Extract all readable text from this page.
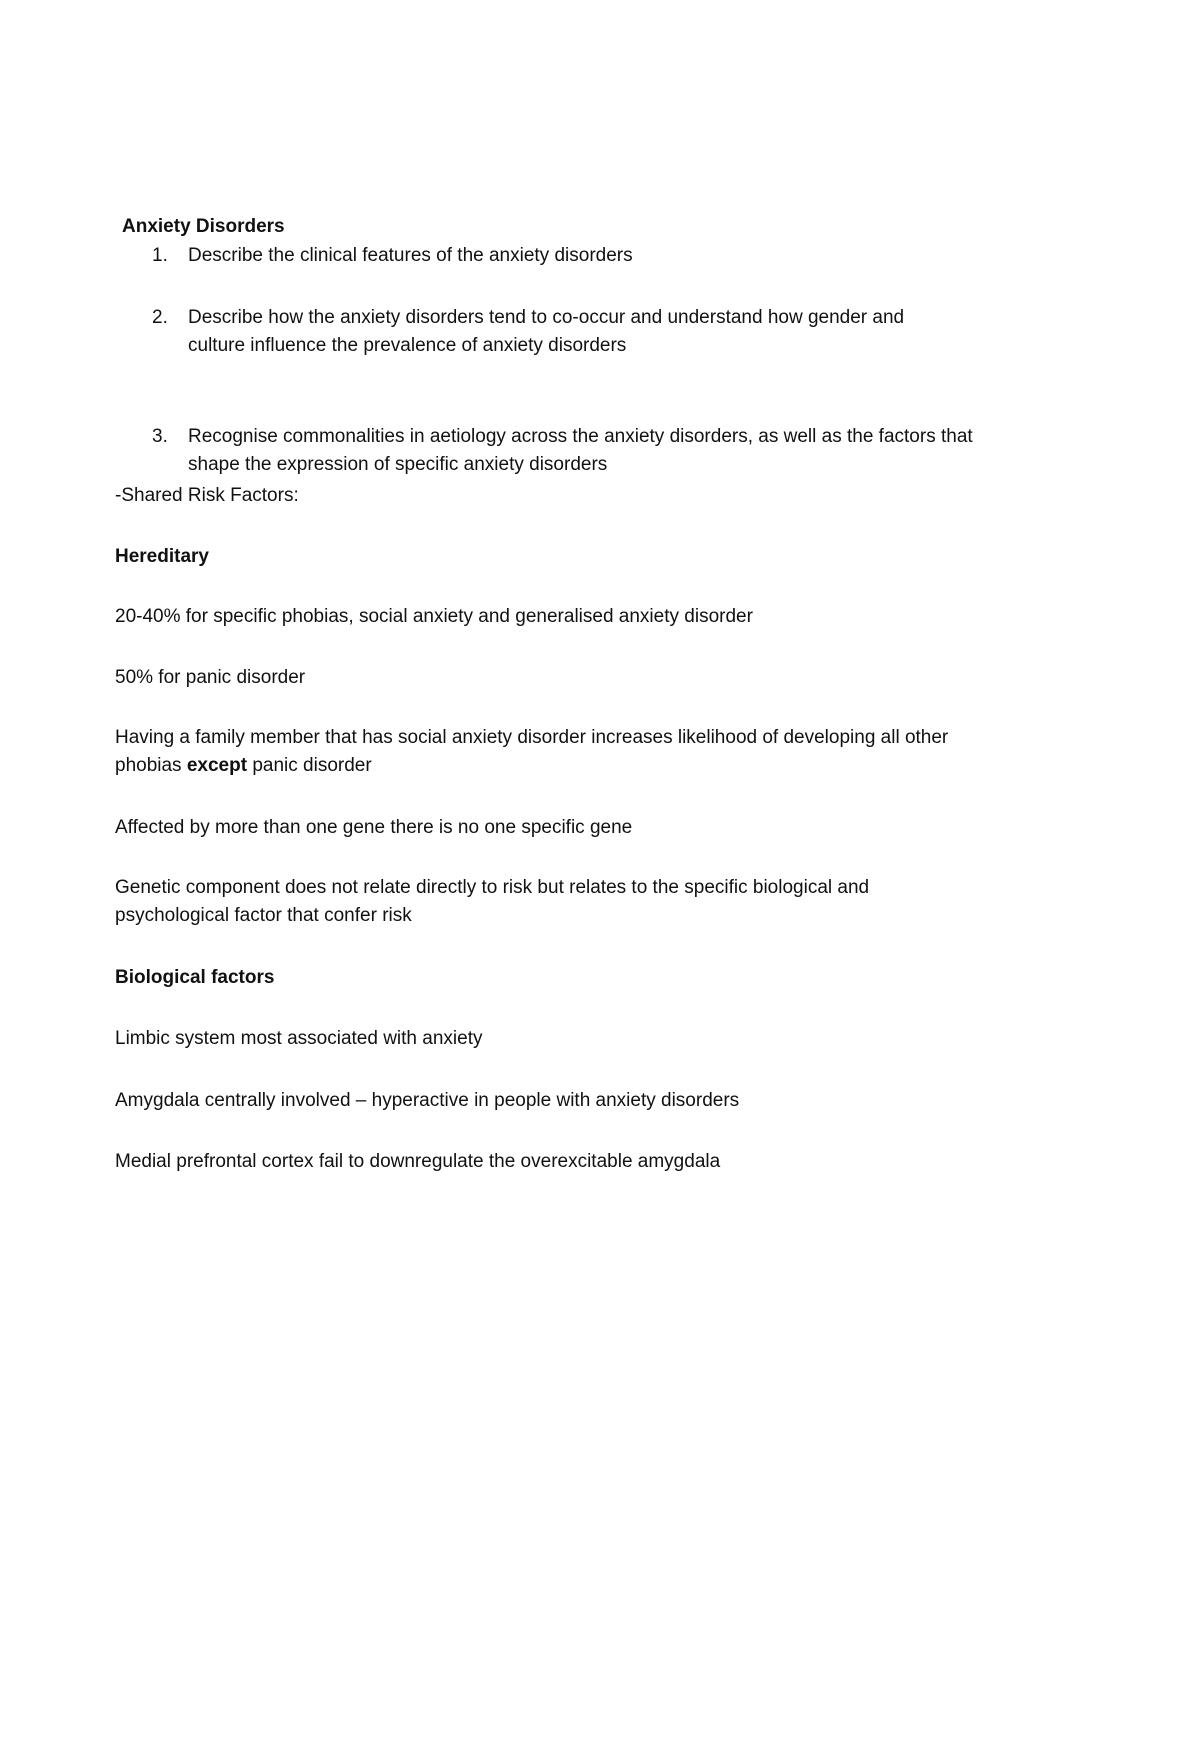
Anxiety Disorders
1. Describe the clinical features of the anxiety disorders
2. Describe how the anxiety disorders tend to co-occur and understand how gender and
culture influence the prevalence of anxiety disorders
3. Recognise commonalities in aetiology across the anxiety disorders, as well as the factors that
shape the expression of specific anxiety disorders
-Shared Risk Factors:
Hereditary
20-40% for specific phobias, social anxiety and generalised anxiety disorder
50% for panic disorder
Having a family member that has social anxiety disorder increases likelihood of developing all other
phobias except panic disorder
Affected by more than one gene there is no one specific gene
Genetic component does not relate directly to risk but relates to the specific biological and
psychological factor that confer risk
Biological factors
Limbic system most associated with anxiety
Amygdala centrally involved – hyperactive in people with anxiety disorders
Medial prefrontal cortex fail to downregulate the overexcitable amygdala
